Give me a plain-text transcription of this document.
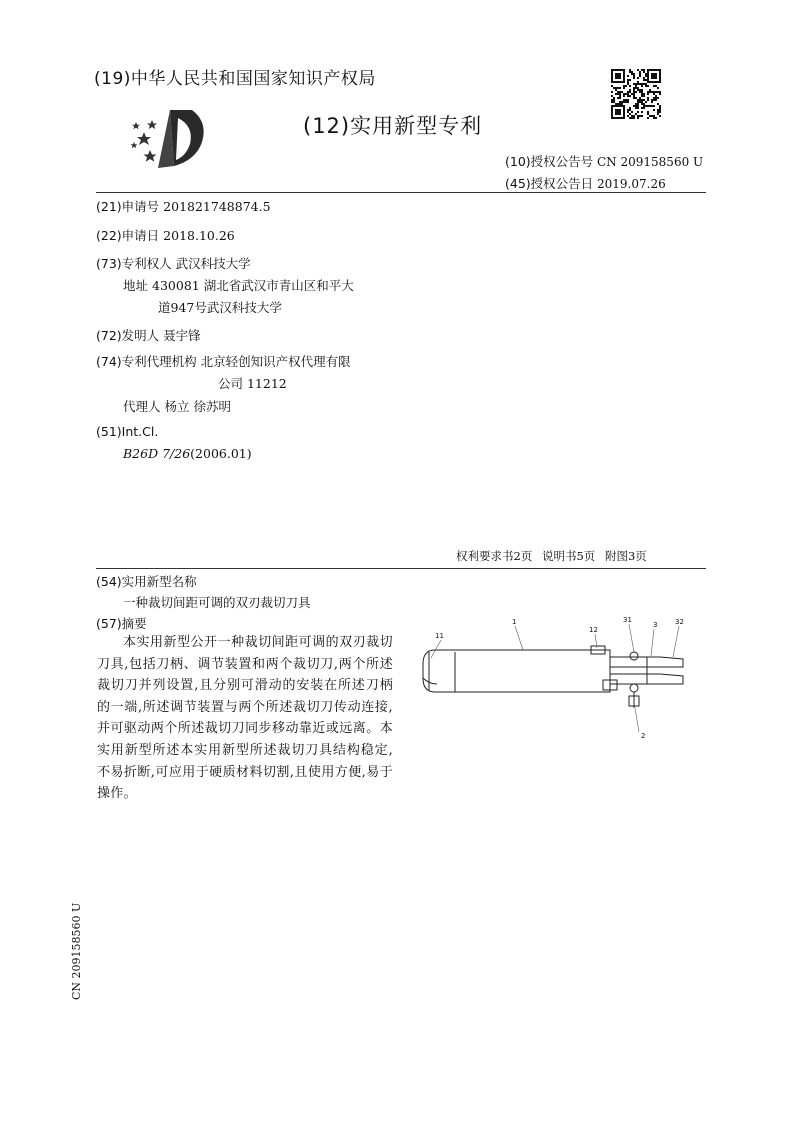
(19)中华人民共和国国家知识产权局
(12)实用新型专利
(10)授权公告号 CN 209158560 U
(45)授权公告日 2019.07.26
(21)申请号 201821748874.5
(22)申请日 2018.10.26
(73)专利权人 武汉科技大学
地址 430081 湖北省武汉市青山区和平大
道947号武汉科技大学
(72)发明人 聂宇锋
(74)专利代理机构 北京轻创知识产权代理有限
公司 11212
代理人 杨立 徐苏明
(51)Int.Cl.
B26D 7/26(2006.01)
权利要求书2页 说明书5页 附图3页
(54)实用新型名称
一种裁切间距可调的双刃裁切刀具
(57)摘要
本实用新型公开一种裁切间距可调的双刃裁切刀具,包括刀柄、调节装置和两个裁切刀,两个所述裁切刀并列设置,且分别可滑动的安装在所述刀柄的一端,所述调节装置与两个所述裁切刀传动连接,并可驱动两个所述裁切刀同步移动靠近或远离。本实用新型所述本实用新型所述裁切刀具结构稳定,不易折断,可应用于硬质材料切割,且使用方便,易于操作。
11
1
12
31
3	32
2
CN 209158560 U
